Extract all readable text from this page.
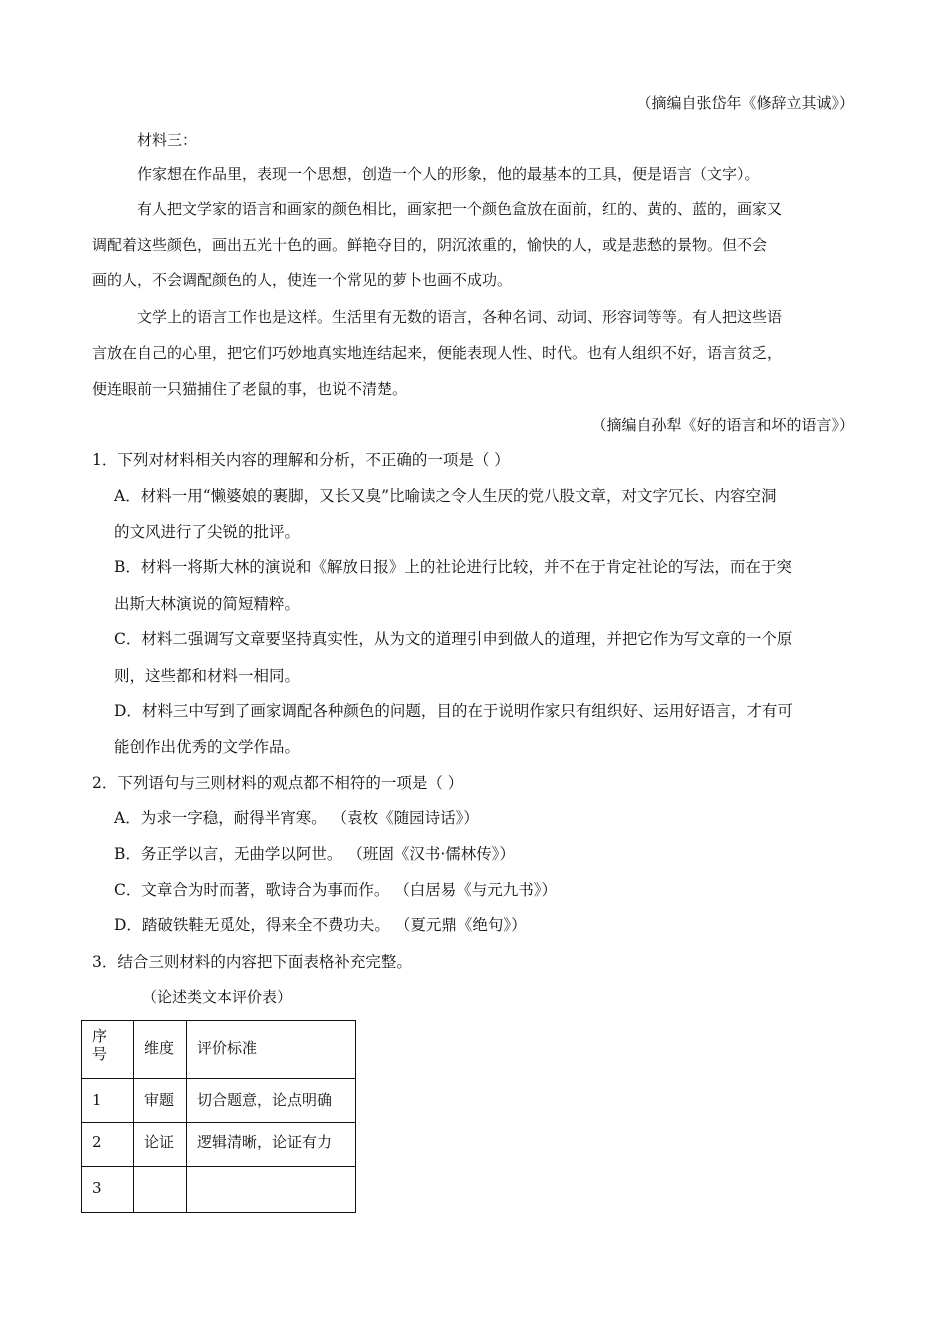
（摘编自张岱年《修辞立其诚》）
材料三：
作家想在作品里，表现一个思想，创造一个人的形象，他的最基本的工具，便是语言（文字）。
有人把文学家的语言和画家的颜色相比，画家把一个颜色盒放在面前，红的、黄的、蓝的，画家又
调配着这些颜色，画出五光十色的画。鲜艳夺目的，阴沉浓重的，愉快的人，或是悲愁的景物。但不会
画的人，不会调配颜色的人，使连一个常见的萝卜也画不成功。
文学上的语言工作也是这样。生活里有无数的语言，各种名词、动词、形容词等等。有人把这些语
言放在自己的心里，把它们巧妙地真实地连结起来，便能表现人性、时代。也有人组织不好，语言贫乏，
便连眼前一只猫捕住了老鼠的事，也说不清楚。
（摘编自孙犁《好的语言和坏的语言》）
1．下列对材料相关内容的理解和分析，不正确的一项是（ ）
A．材料一用“懒婆娘的裹脚，又长又臭”比喻读之令人生厌的党八股文章，对文字冗长、内容空洞
的文风进行了尖锐的批评。
B．材料一将斯大林的演说和《解放日报》上的社论进行比较，并不在于肯定社论的写法，而在于突
出斯大林演说的简短精粹。
C．材料二强调写文章要坚持真实性，从为文的道理引申到做人的道理，并把它作为写文章的一个原
则，这些都和材料一相同。
D．材料三中写到了画家调配各种颜色的问题，目的在于说明作家只有组织好、运用好语言，才有可
能创作出优秀的文学作品。
2．下列语句与三则材料的观点都不相符的一项是（ ）
A．为求一字稳，耐得半宵寒。 （袁枚《随园诗话》）
B．务正学以言，无曲学以阿世。 （班固《汉书·儒林传》）
C．文章合为时而著，歌诗合为事而作。 （白居易《与元九书》）
D．踏破铁鞋无觅处，得来全不费功夫。 （夏元鼎《绝句》）
3．结合三则材料的内容把下面表格补充完整。
（论述类文本评价表）
序号	维度	评价标准

1	审题	切合题意，论点明确

2	论证	逻辑清晰，论证有力

3		
